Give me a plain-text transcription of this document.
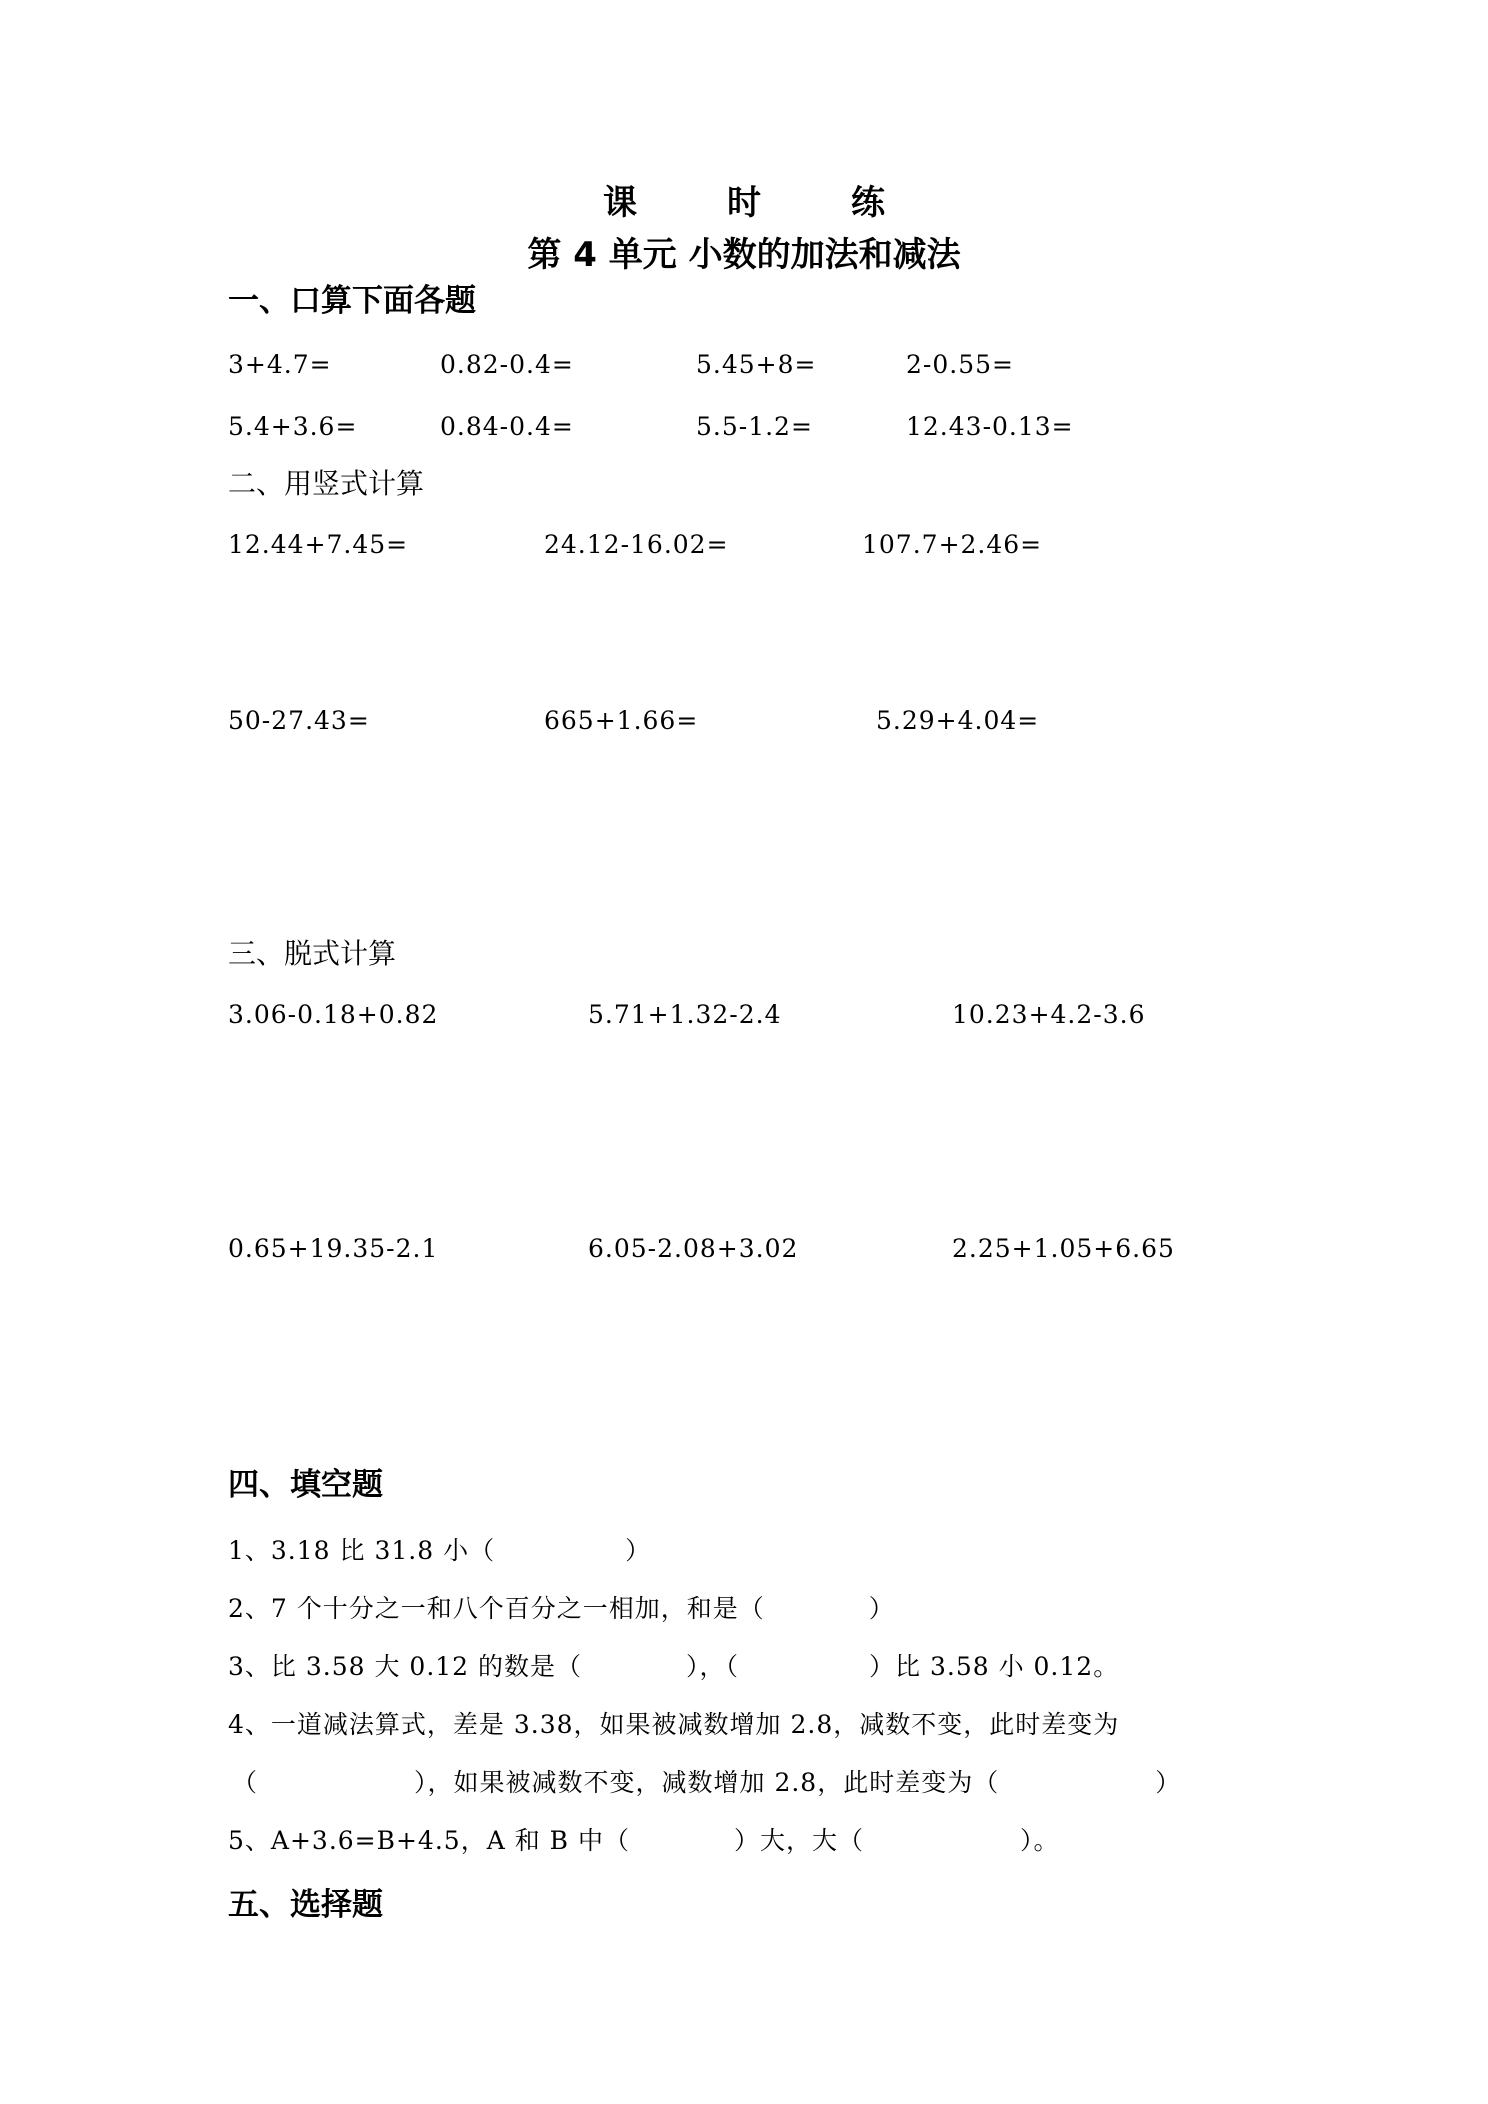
课　时　练
第 4 单元 小数的加法和减法
一、口算下面各题
3+4.7=	0.82-0.4=	5.45+8=	2-0.55=
5.4+3.6=	0.84-0.4=	5.5-1.2=	12.43-0.13=
二、用竖式计算
12.44+7.45=	24.12-16.02=	107.7+2.46=
50-27.43=	665+1.66=	5.29+4.04=
三、脱式计算
3.06-0.18+0.82	5.71+1.32-2.4	10.23+4.2-3.6
0.65+19.35-2.1	6.05-2.08+3.02	2.25+1.05+6.65
四、填空题
1、3.18 比 31.8 小（　　　　　）
2、7 个十分之一和八个百分之一相加，和是（　　　　）
3、比 3.58 大 0.12 的数是（　　　　），（　　　　　）比 3.58 小 0.12。
4、一道减法算式，差是 3.38，如果被减数增加 2.8，减数不变，此时差变为
（　　　　　　），如果被减数不变，减数增加 2.8，此时差变为（　　　　　　）
5、A+3.6=B+4.5，A 和 B 中（　　　　）大，大（　　　　　　）。
五、选择题
